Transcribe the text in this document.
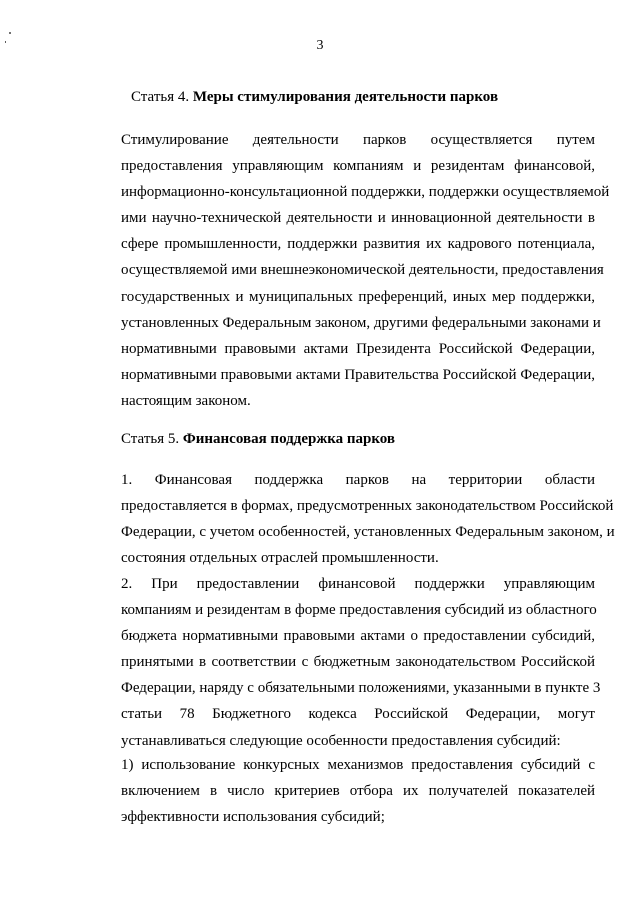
3
Статья 4. Меры стимулирования деятельности парков
Стимулирование деятельности парков осуществляется путем
предоставления управляющим компаниям и резидентам финансовой,
информационно-консультационной поддержки, поддержки осуществляемой
ими научно-технической деятельности и инновационной деятельности в
сфере промышленности, поддержки развития их кадрового потенциала,
осуществляемой ими внешнеэкономической деятельности, предоставления
государственных и муниципальных преференций, иных мер поддержки,
установленных Федеральным законом, другими федеральными законами и
нормативными правовыми актами Президента Российской Федерации,
нормативными правовыми актами Правительства Российской Федерации,
настоящим законом.
Статья 5. Финансовая поддержка парков
1. Финансовая поддержка парков на территории области
предоставляется в формах, предусмотренных законодательством Российской
Федерации, с учетом особенностей, установленных Федеральным законом, и
состояния отдельных отраслей промышленности.
2. При предоставлении финансовой поддержки управляющим
компаниям и резидентам в форме предоставления субсидий из областного
бюджета нормативными правовыми актами о предоставлении субсидий,
принятыми в соответствии с бюджетным законодательством Российской
Федерации, наряду с обязательными положениями, указанными в пункте 3
статьи 78 Бюджетного кодекса Российской Федерации, могут
устанавливаться следующие особенности предоставления субсидий:
1) использование конкурсных механизмов предоставления субсидий с
включением в число критериев отбора их получателей показателей
эффективности использования субсидий;
